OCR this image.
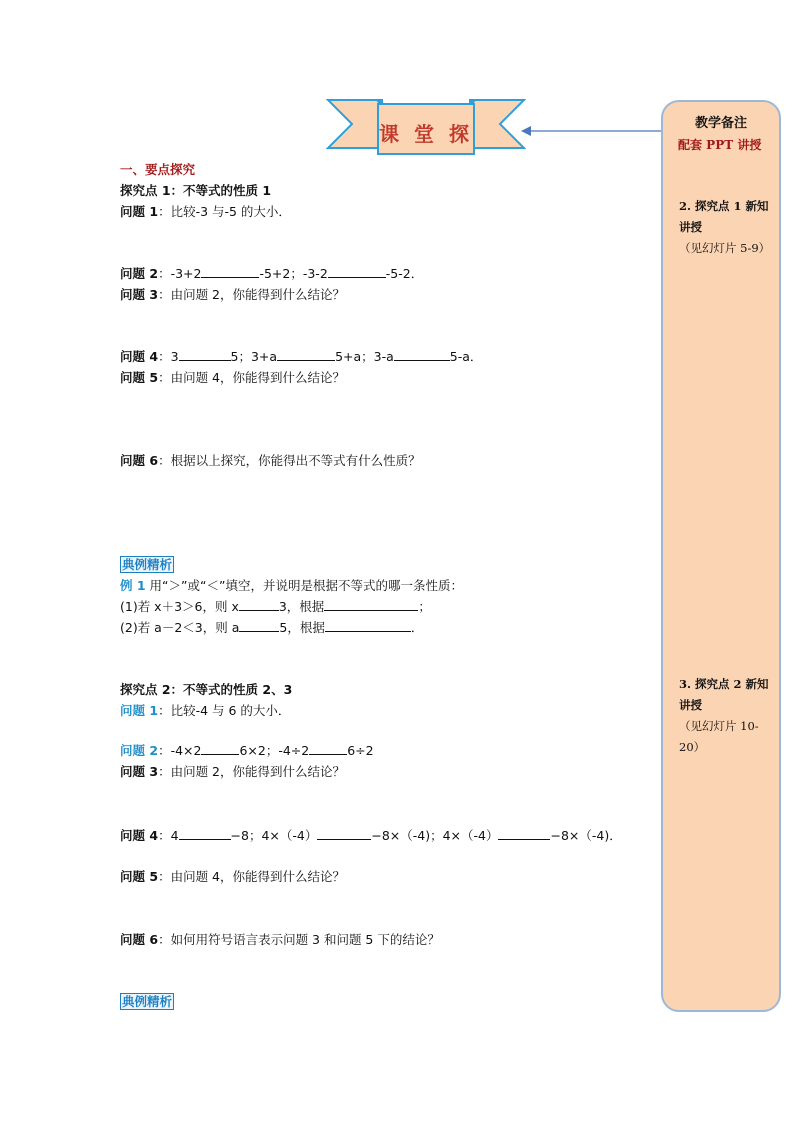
课 堂 探	教学备注
配套 PPT 讲授
2. 探究点 1 新知讲授
（见幻灯片 5-9）
3. 探究点 2 新知讲授
（见幻灯片 10-20）
一、要点探究
探究点 1：不等式的性质 1
问题 1：比较-3 与-5 的大小．
问题 2：-3+2	-5+2；-3-2	-5-2．
问题 3：由问题 2，你能得到什么结论？
问题 4：3	5；3+a	5+a；3-a	5-a．
问题 5：由问题 4，你能得到什么结论？
问题 6：根据以上探究，你能得出不等式有什么性质？
典例精析
例 1 用“＞”或“＜”填空，并说明是根据不等式的哪一条性质：
(1)若 x＋3＞6，则 x	3，根据	；
(2)若 a－2＜3，则 a	5，根据	．
探究点 2：不等式的性质 2、3
问题 1：比较-4 与 6 的大小．
问题 2：-4×2	6×2；-4÷2	6÷2
问题 3：由问题 2，你能得到什么结论？
问题 4：4	−8；4×（-4）	−8×（-4)；4×（-4）	−8×（-4)．
问题 5：由问题 4，你能得到什么结论？
问题 6：如何用符号语言表示问题 3 和问题 5 下的结论？
典例精析
